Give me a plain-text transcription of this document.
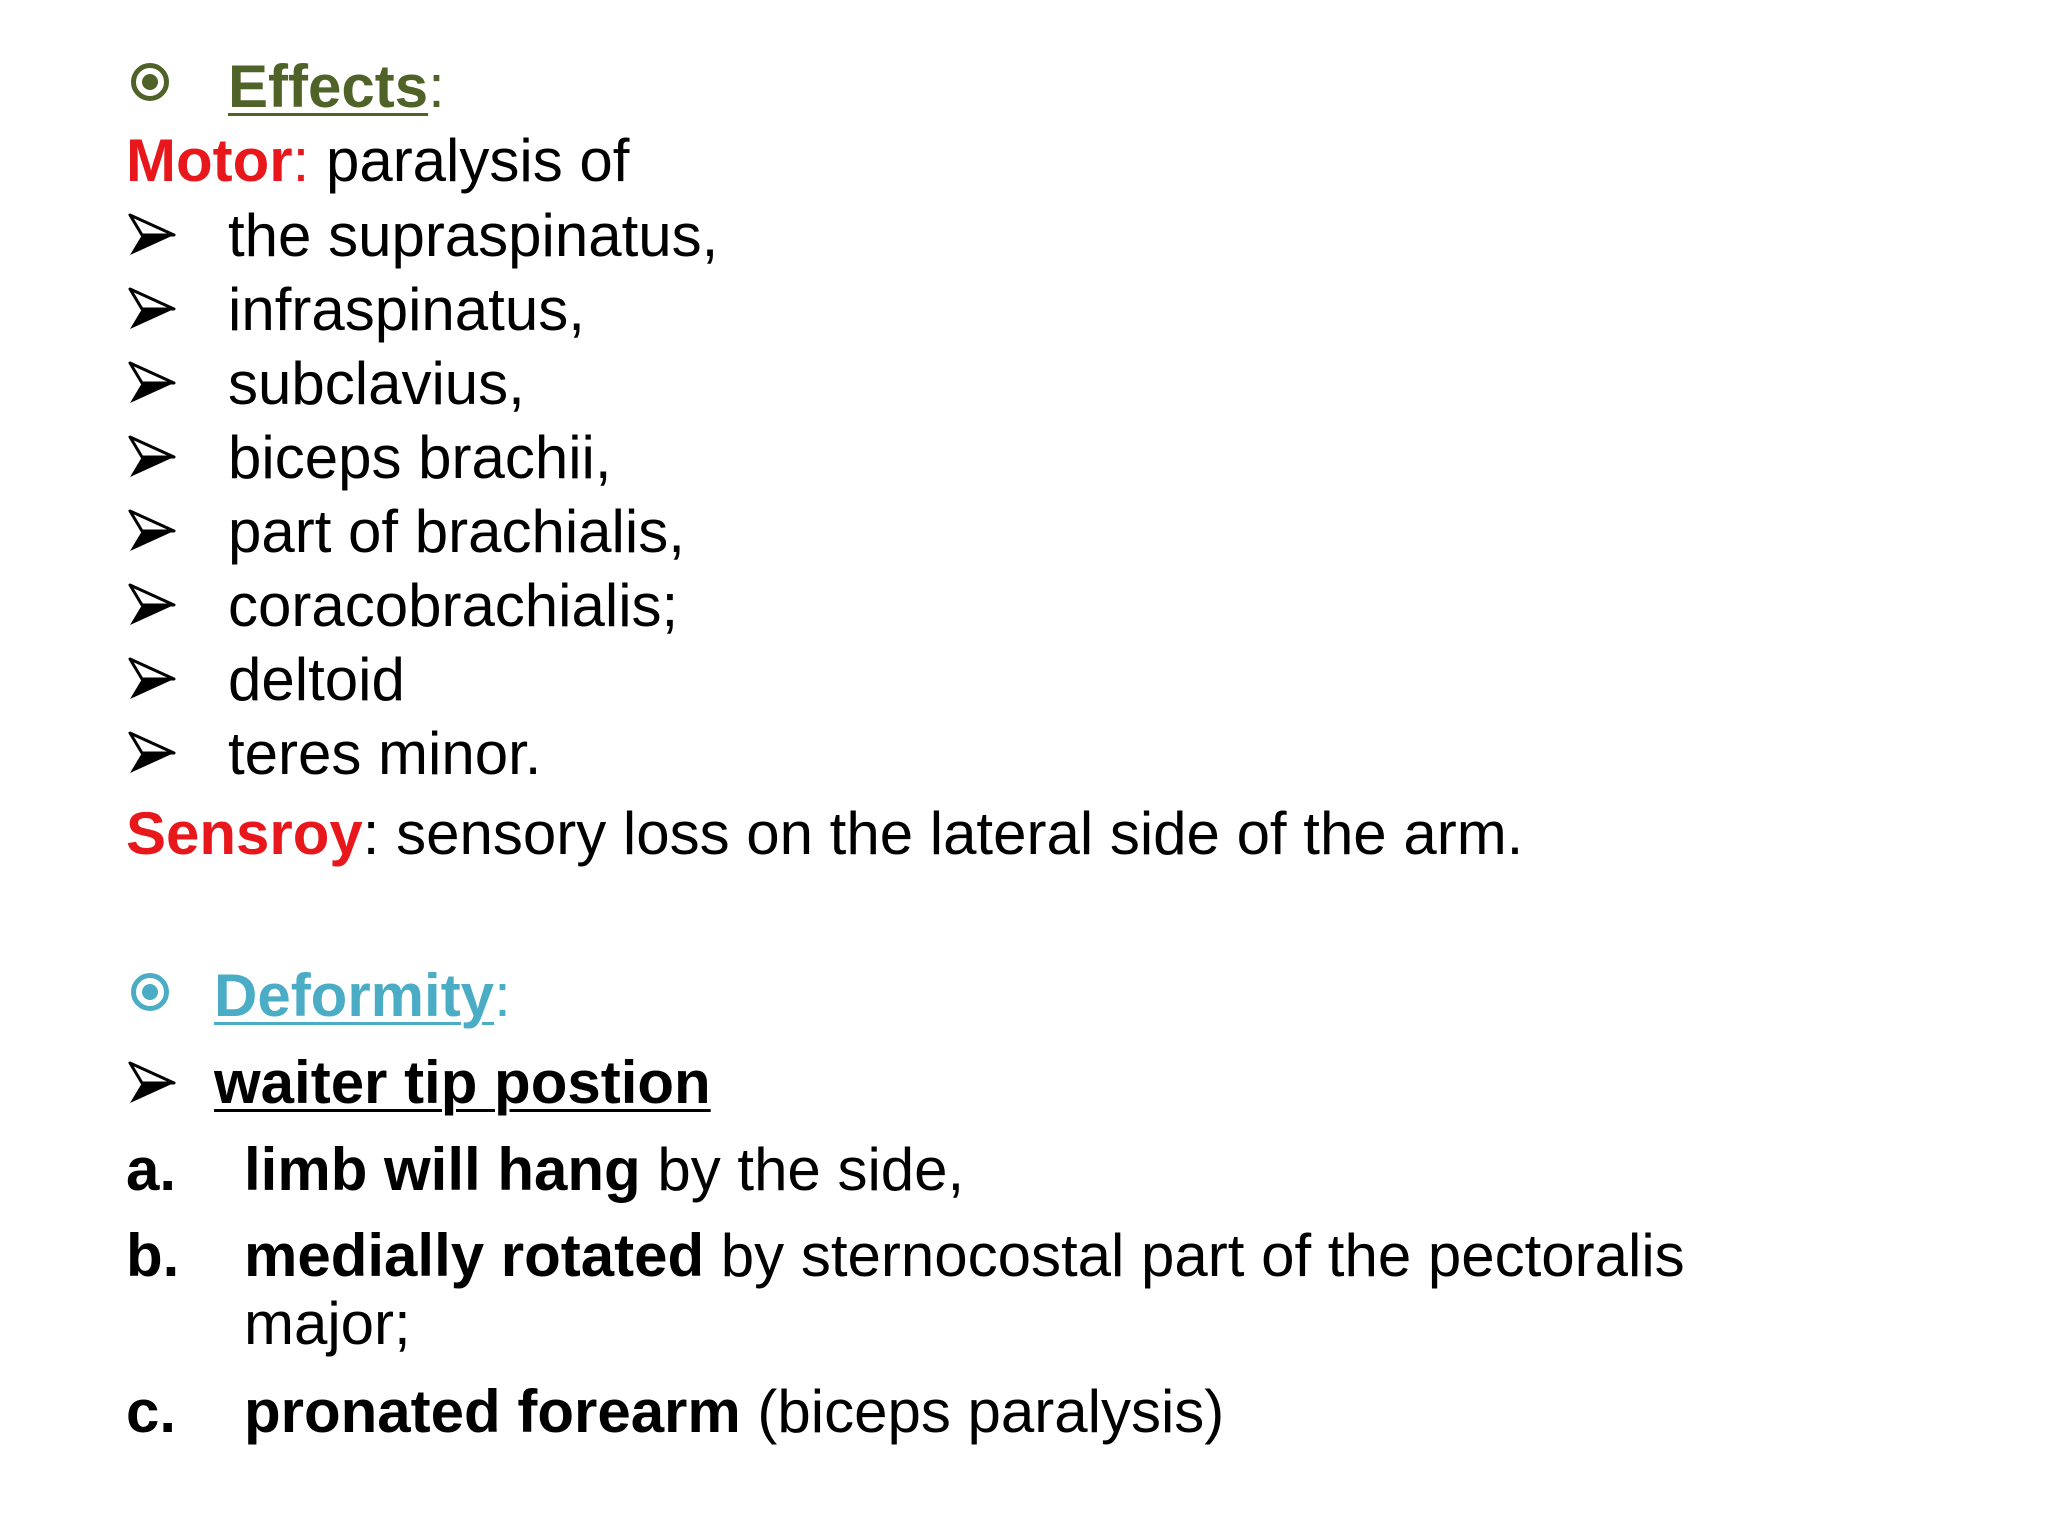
Effects:
Motor: paralysis of
the supraspinatus,
infraspinatus,
subclavius,
biceps brachii,
part of brachialis,
coracobrachialis;
deltoid
teres minor.
Sensroy: sensory loss on the lateral side of the arm.
Deformity:
waiter tip postion
a. limb will hang by the side,
b. medially rotated by sternocostal part of the pectoralis
major;
c. pronated forearm (biceps paralysis)
